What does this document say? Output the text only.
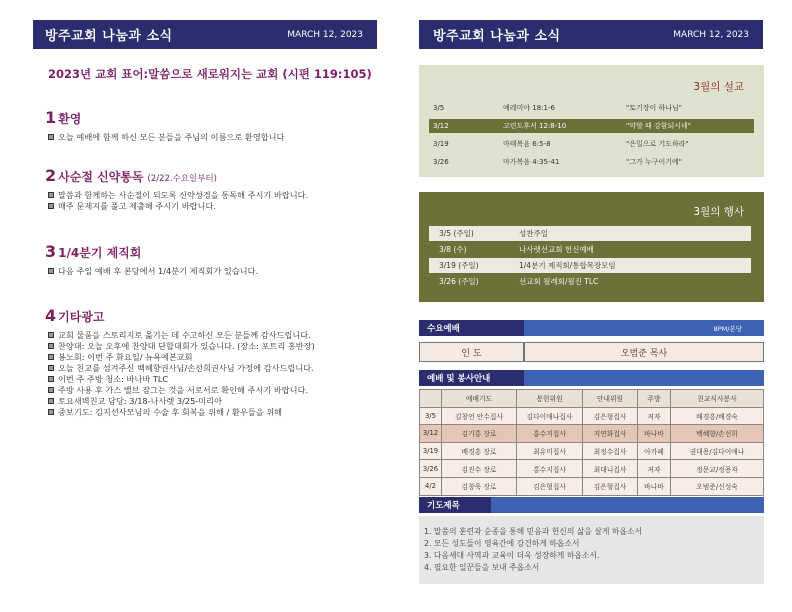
방주교회 나눔과 소식	MARCH 12, 2023
2023년 교회 표어:말씀으로 새로워지는 교회 (시편 119:105)
1 환영
오늘 예배에 함께 하신 모든 분들을 주님의 이름으로 환영합니다
2 사순절 신약통독 (2/22.수요일부터)
말씀과 함께하는 사순절이 되도록 신약성경을 통독해 주시기 바랍니다.
매주 문제지를 풀고 제출해 주시기 바랍니다.
3 1/4분기 제직회
다음 주일 예배 후 본당에서 1/4분기 제직회가 있습니다.
4 기타광고
교회 물품을 스토리지로 옮기는 데 수고하신 모든 분들께 감사드립니다.
찬양대: 오늘 오후에 찬양대 단합대회가 있습니다. (장소: 포트리 홍반장)
봉노회: 이번 주 화요일/ 뉴욕예본교회
오늘 친교를 섬겨주신 백혜향권사님/손선희권사님 가정에 감사드립니다.
이번 주 주방 청소: 바나바 TLC
주방 사용 후 가스 밸브 잠그는 것을 서로서로 확인해 주시기 바랍니다.
토요새벽친교 담당: 3/18-나사렛 3/25-미리아
중보기도: 김지선사모님의 수술 후 회복을 위해 / 환우들을 위해
방주교회 나눔과 소식	MARCH 12, 2023
3월의 설교
3/5	예레미야 18:1-6	"토기장이 하나님"
3/12	고린도후서 12:8-10	"약할 때 강함되시네"
3/19	마태복음 6:5-8	"은밀으로 기도하라"
3/26	마가복음 4:35-41	"그가 누구이기에"
3월의 행사
3/5 (주일)	성찬주일
3/8 (수)	나사렛선교회 헌신예배
3/19 (주일)	1/4분기 제직회/통합목장모임
3/26 (주일)	선교회 월례회/월진 TLC
수요예배	8PM/본당
인 도	오범준 목사
예배 및 봉사안내
	예배기도	봉헌위원	안내위원	주방	친교식사봉사
3/5	김창언 안수집사	김다이애나집사	김은형집사	저자	배경흥/배경숙
3/12	김기홍 장로	홍수지집사	지연화집사	바나바	백혜향/손선희
3/19	배경흥 장로	최유미집사	최정수집사	아가페	권대용/김다이애나
3/26	김진수 장로	홍수지집사	최대니집사	저자	정문교/정용자
4/2	김창욱 장로	김은형집사	김은형집사	바나바	오범준/신성숙
기도제목
1. 말씀의 훈련과 순종을 통해 믿음과 헌신의 삶을 살게 하옵소서
2. 모든 성도들이 영육간에 강건하게 하옵소서
3. 다음세대 사역과 교육이 더욱 성장하게 하옵소서.
4. 필요한 일꾼들을 보내 주옵소서
